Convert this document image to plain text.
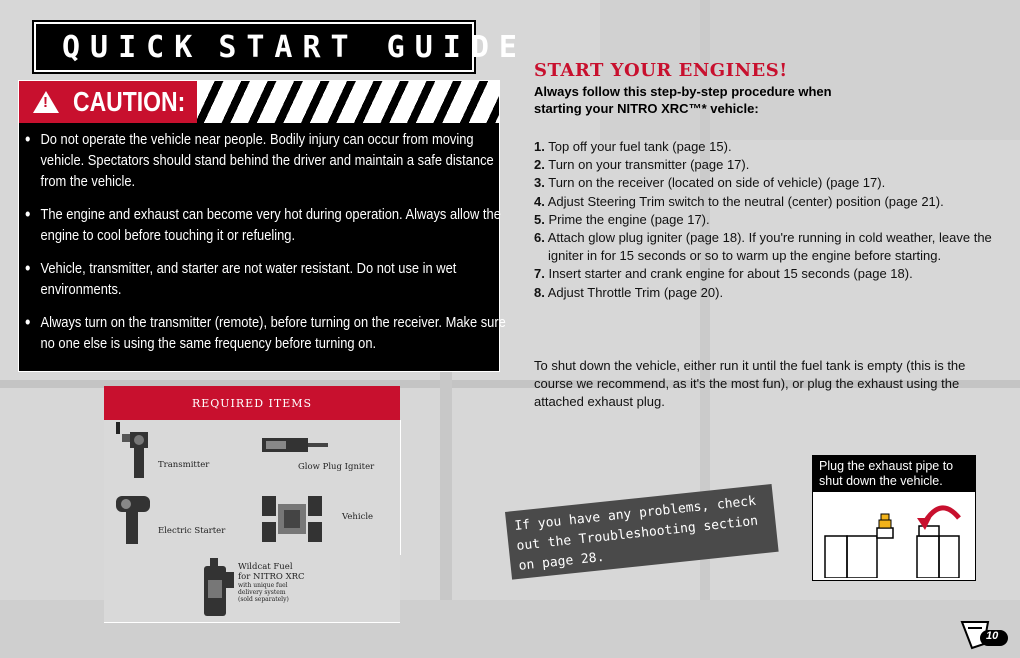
QUICK START GUIDE
! CAUTION:
• Do not operate the vehicle near people. Bodily injury can occur from moving vehicle. Spectators should stand behind the driver and maintain a safe distance from the vehicle.
• The engine and exhaust can become very hot during operation. Always allow the engine to cool before touching it or refueling.
• Vehicle, transmitter, and starter are not water resistant. Do not use in wet environments.
• Always turn on the transmitter (remote), before turning on the receiver. Make sure no one else is using the same frequency before turning on.
REQUIRED ITEMS
Transmitter	Glow Plug Igniter
Electric Starter
Vehicle
Wildcat Fuel
for NITRO XRC
with unique fuel
delivery system
(sold separately)
START YOUR ENGINES!
Always follow this step-by-step procedure when starting your NITRO XRC™* vehicle:
1. Top off your fuel tank (page 15).
2. Turn on your transmitter (page 17).
3. Turn on the receiver (located on side of vehicle) (page 17).
4. Adjust Steering Trim switch to the neutral (center) position (page 21).
5. Prime the engine (page 17).
6. Attach glow plug igniter (page 18). If you're running in cold weather, leave the igniter in for 15 seconds or so to warm up the engine before starting.
7. Insert starter and crank engine for about 15 seconds (page 18).
8. Adjust Throttle Trim (page 20).
To shut down the vehicle, either run it until the fuel tank is empty (this is the course we recommend, as it's the most fun), or plug the exhaust using the attached exhaust plug.
If you have any problems, check out the Troubleshooting section on page 28.
Plug the exhaust pipe to shut down the vehicle.
10
